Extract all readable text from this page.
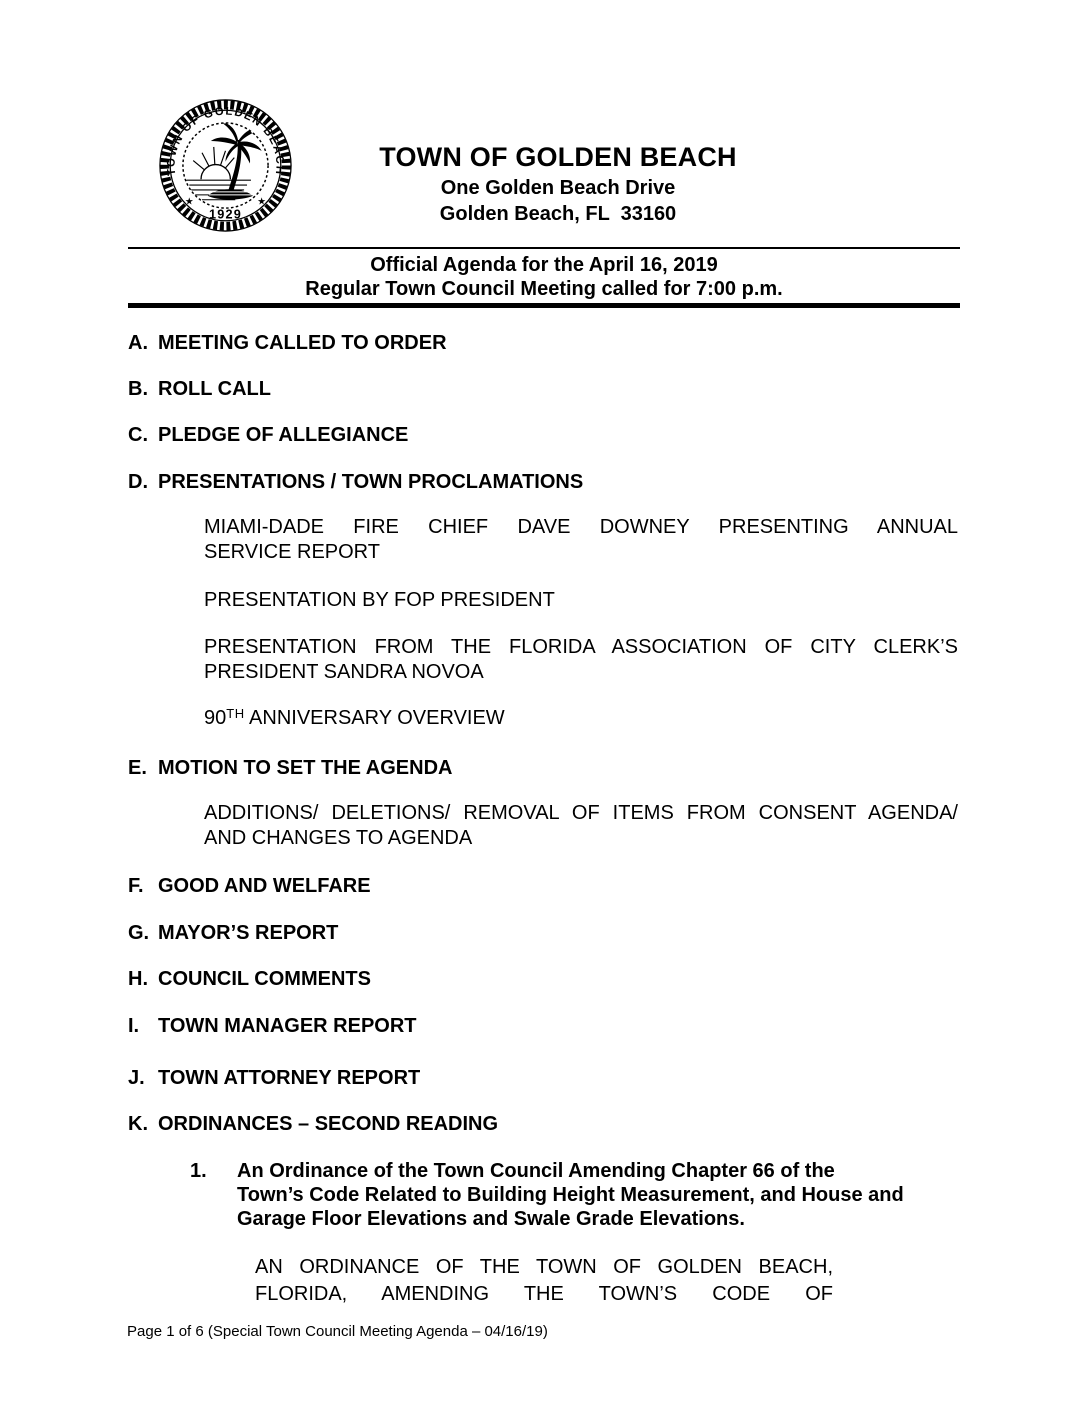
TOWN OF GOLDEN BEACH
★	★
1929
TOWN OF GOLDEN BEACH
One Golden Beach Drive
Golden Beach, FL  33160
Official Agenda for the April 16, 2019
Regular Town Council Meeting called for 7:00 p.m.
A. MEETING CALLED TO ORDER
B. ROLL CALL
C. PLEDGE OF ALLEGIANCE
D. PRESENTATIONS / TOWN PROCLAMATIONS
MIAMI-DADE FIRE CHIEF DAVE DOWNEY PRESENTING ANNUAL
SERVICE REPORT
PRESENTATION BY FOP PRESIDENT
PRESENTATION FROM THE FLORIDA ASSOCIATION OF CITY CLERK’S
PRESIDENT SANDRA NOVOA
90TH ANNIVERSARY OVERVIEW
E. MOTION TO SET THE AGENDA
ADDITIONS/ DELETIONS/ REMOVAL OF ITEMS FROM CONSENT AGENDA/
AND CHANGES TO AGENDA
F. GOOD AND WELFARE
G. MAYOR’S REPORT
H. COUNCIL COMMENTS
I. TOWN MANAGER REPORT
J. TOWN ATTORNEY REPORT
K. ORDINANCES – SECOND READING
1.	An Ordinance of the Town Council Amending Chapter 66 of the
Town’s Code Related to Building Height Measurement, and House and
Garage Floor Elevations and Swale Grade Elevations.
AN ORDINANCE OF THE TOWN OF GOLDEN BEACH,
FLORIDA, AMENDING THE TOWN’S CODE OF
Page 1 of 6 (Special Town Council Meeting Agenda – 04/16/19)
